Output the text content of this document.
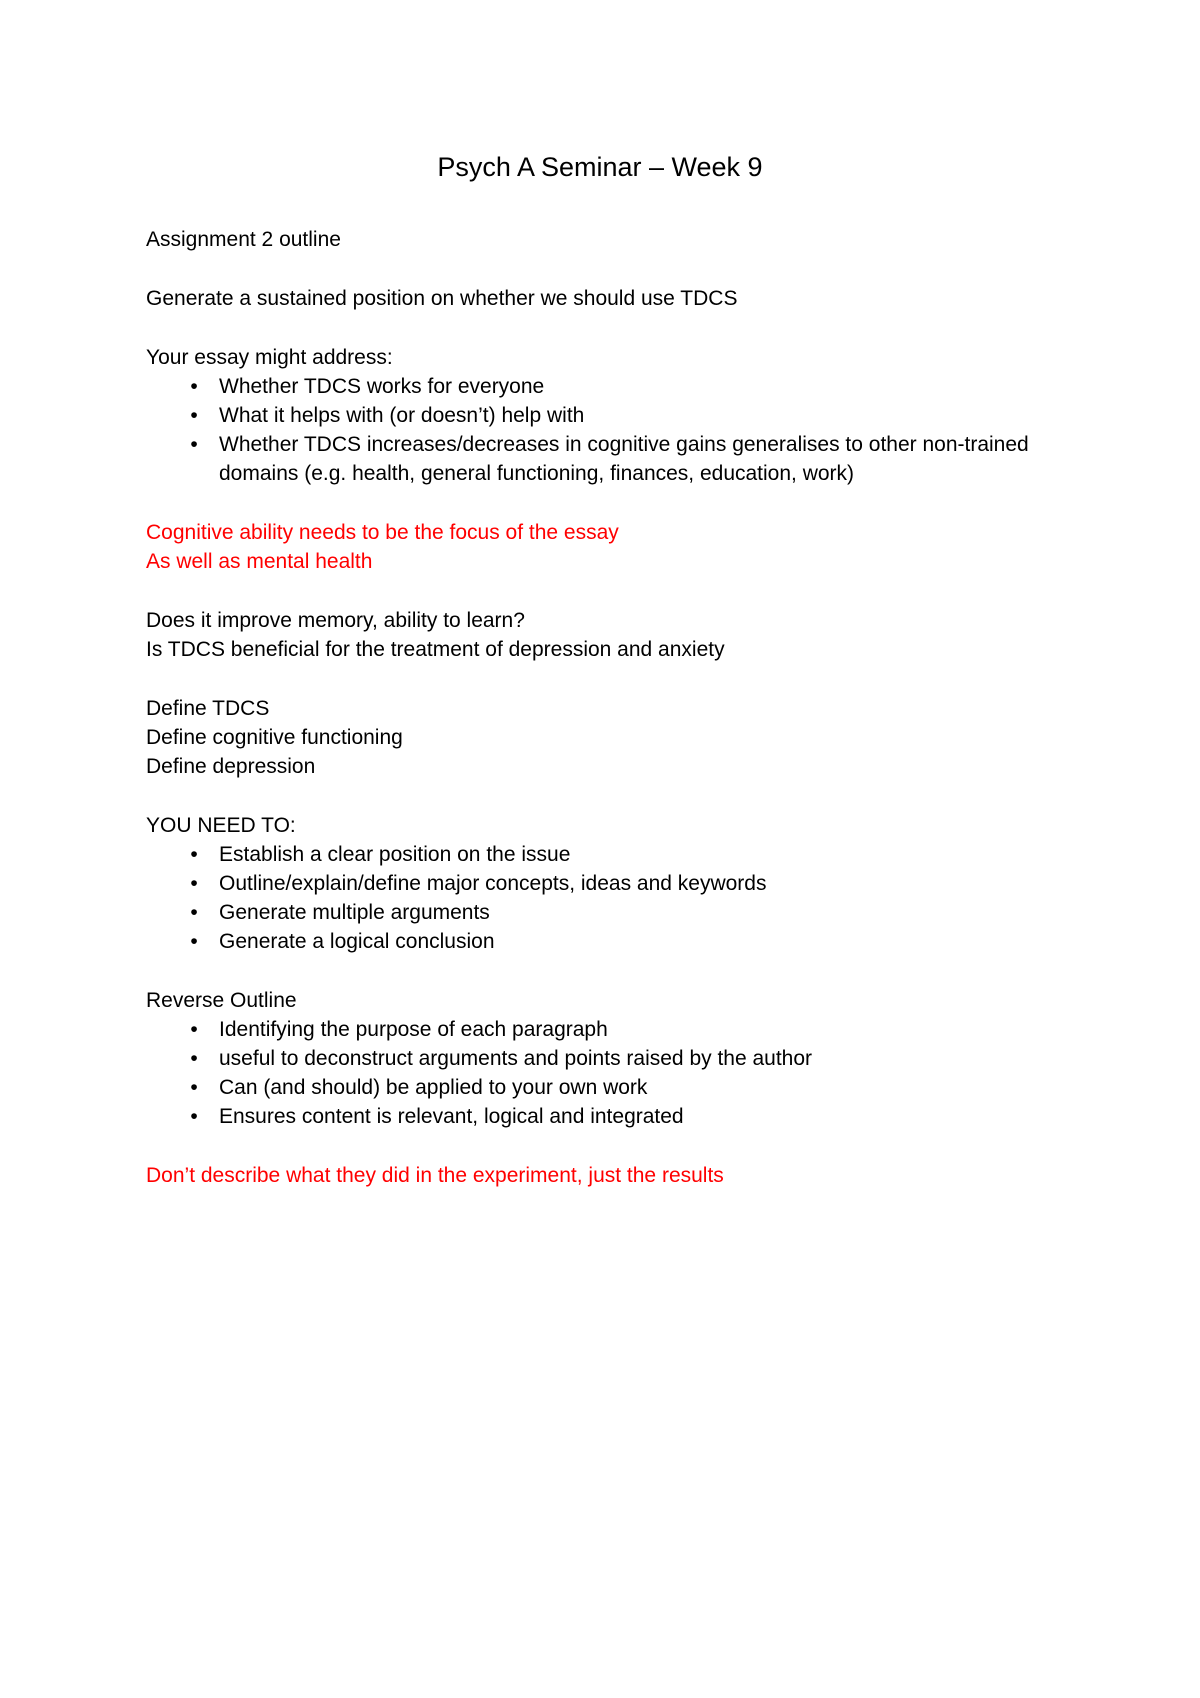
Psych A Seminar – Week 9

Assignment 2 outline

Generate a sustained position on whether we should use TDCS

Your essay might address:

• Whether TDCS works for everyone
• What it helps with (or doesn’t) help with
• Whether TDCS increases/decreases in cognitive gains generalises to other non-trained domains (e.g. health, general functioning, finances, education, work)

Cognitive ability needs to be the focus of the essay

As well as mental health

Does it improve memory, ability to learn?

Is TDCS beneficial for the treatment of depression and anxiety

Define TDCS

Define cognitive functioning

Define depression

YOU NEED TO:

• Establish a clear position on the issue
• Outline/explain/define major concepts, ideas and keywords
• Generate multiple arguments
• Generate a logical conclusion

Reverse Outline

• Identifying the purpose of each paragraph
• useful to deconstruct arguments and points raised by the author
• Can (and should) be applied to your own work
• Ensures content is relevant, logical and integrated

Don’t describe what they did in the experiment, just the results
